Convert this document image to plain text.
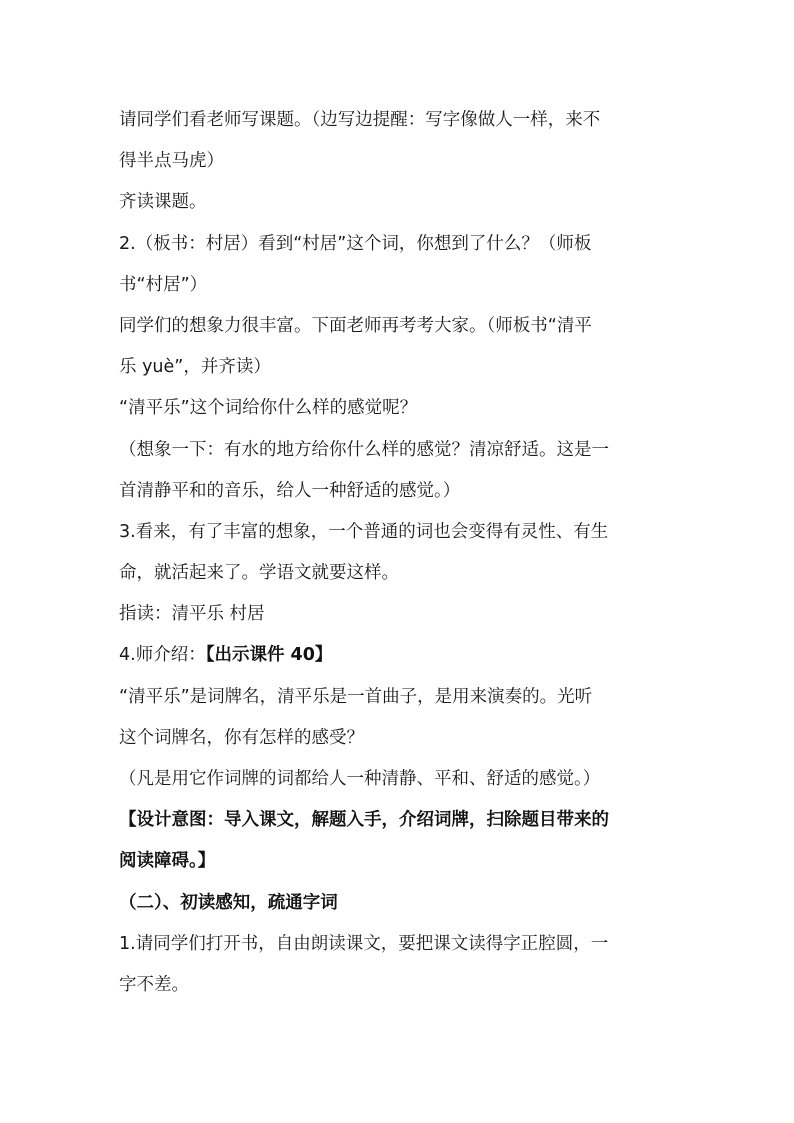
请同学们看老师写课题。（边写边提醒：写字像做人一样，来不
得半点马虎）
齐读课题。
2.（板书：村居）看到“村居”这个词，你想到了什么？（师板
书“村居”）
同学们的想象力很丰富。下面老师再考考大家。（师板书“清平
乐 yuè”，并齐读）
“清平乐”这个词给你什么样的感觉呢？
（想象一下：有水的地方给你什么样的感觉？清凉舒适。这是一
首清静平和的音乐，给人一种舒适的感觉。）
3.看来，有了丰富的想象，一个普通的词也会变得有灵性、有生
命，就活起来了。学语文就要这样。
指读：清平乐 村居
4.师介绍：【出示课件 40】
“清平乐”是词牌名，清平乐是一首曲子，是用来演奏的。光听
这个词牌名，你有怎样的感受？
（凡是用它作词牌的词都给人一种清静、平和、舒适的感觉。）
【设计意图：导入课文，解题入手，介绍词牌，扫除题目带来的
阅读障碍。】
（二）、初读感知，疏通字词
1.请同学们打开书，自由朗读课文，要把课文读得字正腔圆，一
字不差。
